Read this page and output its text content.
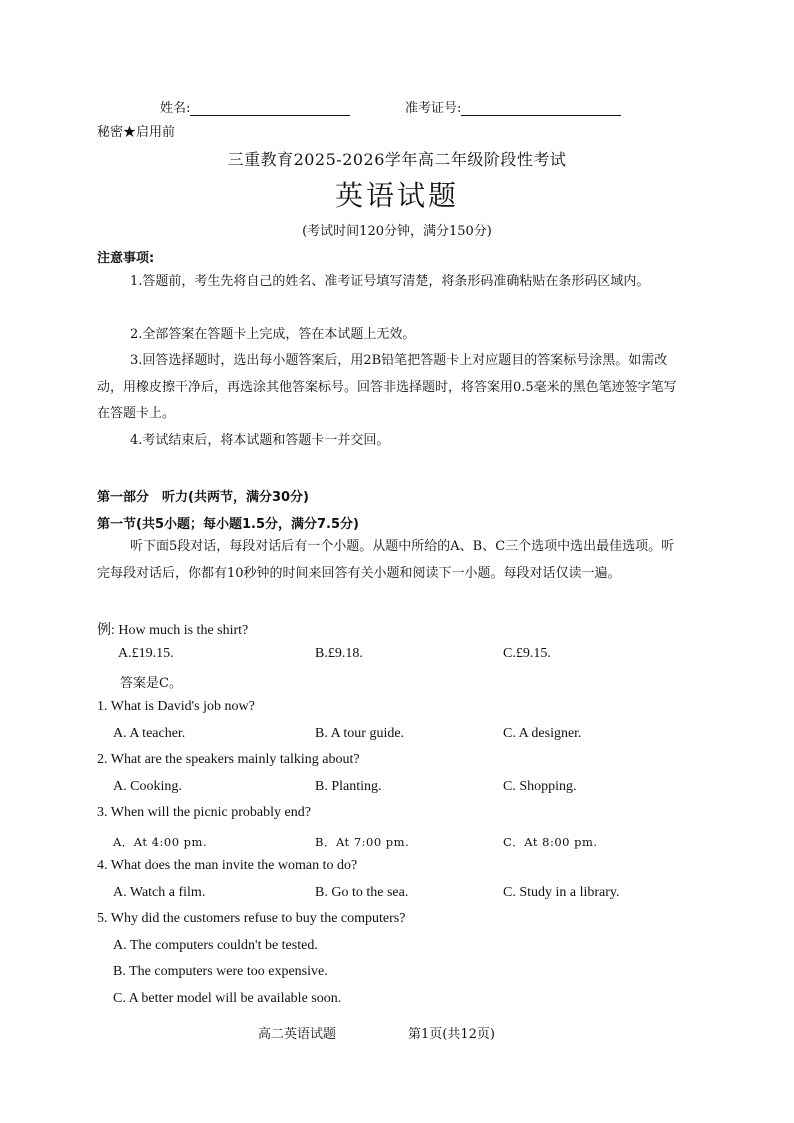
姓名:	准考证号:
秘密★启用前
三重教育2025-2026学年高二年级阶段性考试
英语试题
(考试时间120分钟，满分150分)
注意事项:
1.答题前，考生先将自己的姓名、准考证号填写清楚，将条形码准确粘贴在条形码区域内。
2.全部答案在答题卡上完成，答在本试题上无效。
3.回答选择题时，选出每小题答案后，用2B铅笔把答题卡上对应题目的答案标号涂黑。如需改动，用橡皮擦干净后，再选涂其他答案标号。回答非选择题时，将答案用0.5毫米的黑色笔迹签字笔写在答题卡上。
4.考试结束后，将本试题和答题卡一并交回。
第一部分　听力(共两节，满分30分)
第一节(共5小题；每小题1.5分，满分7.5分)
听下面5段对话，每段对话后有一个小题。从题中所给的A、B、C三个选项中选出最佳选项。听完每段对话后，你都有10秒钟的时间来回答有关小题和阅读下一小题。每段对话仅读一遍。
例: How much is the shirt?
A.£19.15.	B.£9.18.	C.£9.15.
答案是C。
1. What is David's job now?
A. A teacher.	B. A tour guide.	C. A designer.
2. What are the speakers mainly talking about?
A. Cooking.	B. Planting.	C. Shopping.
3. When will the picnic probably end?
A．At 4:00 pm.	B．At 7:00 pm.	C．At 8:00 pm.
4. What does the man invite the woman to do?
A. Watch a film.	B. Go to the sea.	C. Study in a library.
5. Why did the customers refuse to buy the computers?
A. The computers couldn't be tested.
B. The computers were too expensive.
C. A better model will be available soon.
高二英语试题	第1页(共12页)
